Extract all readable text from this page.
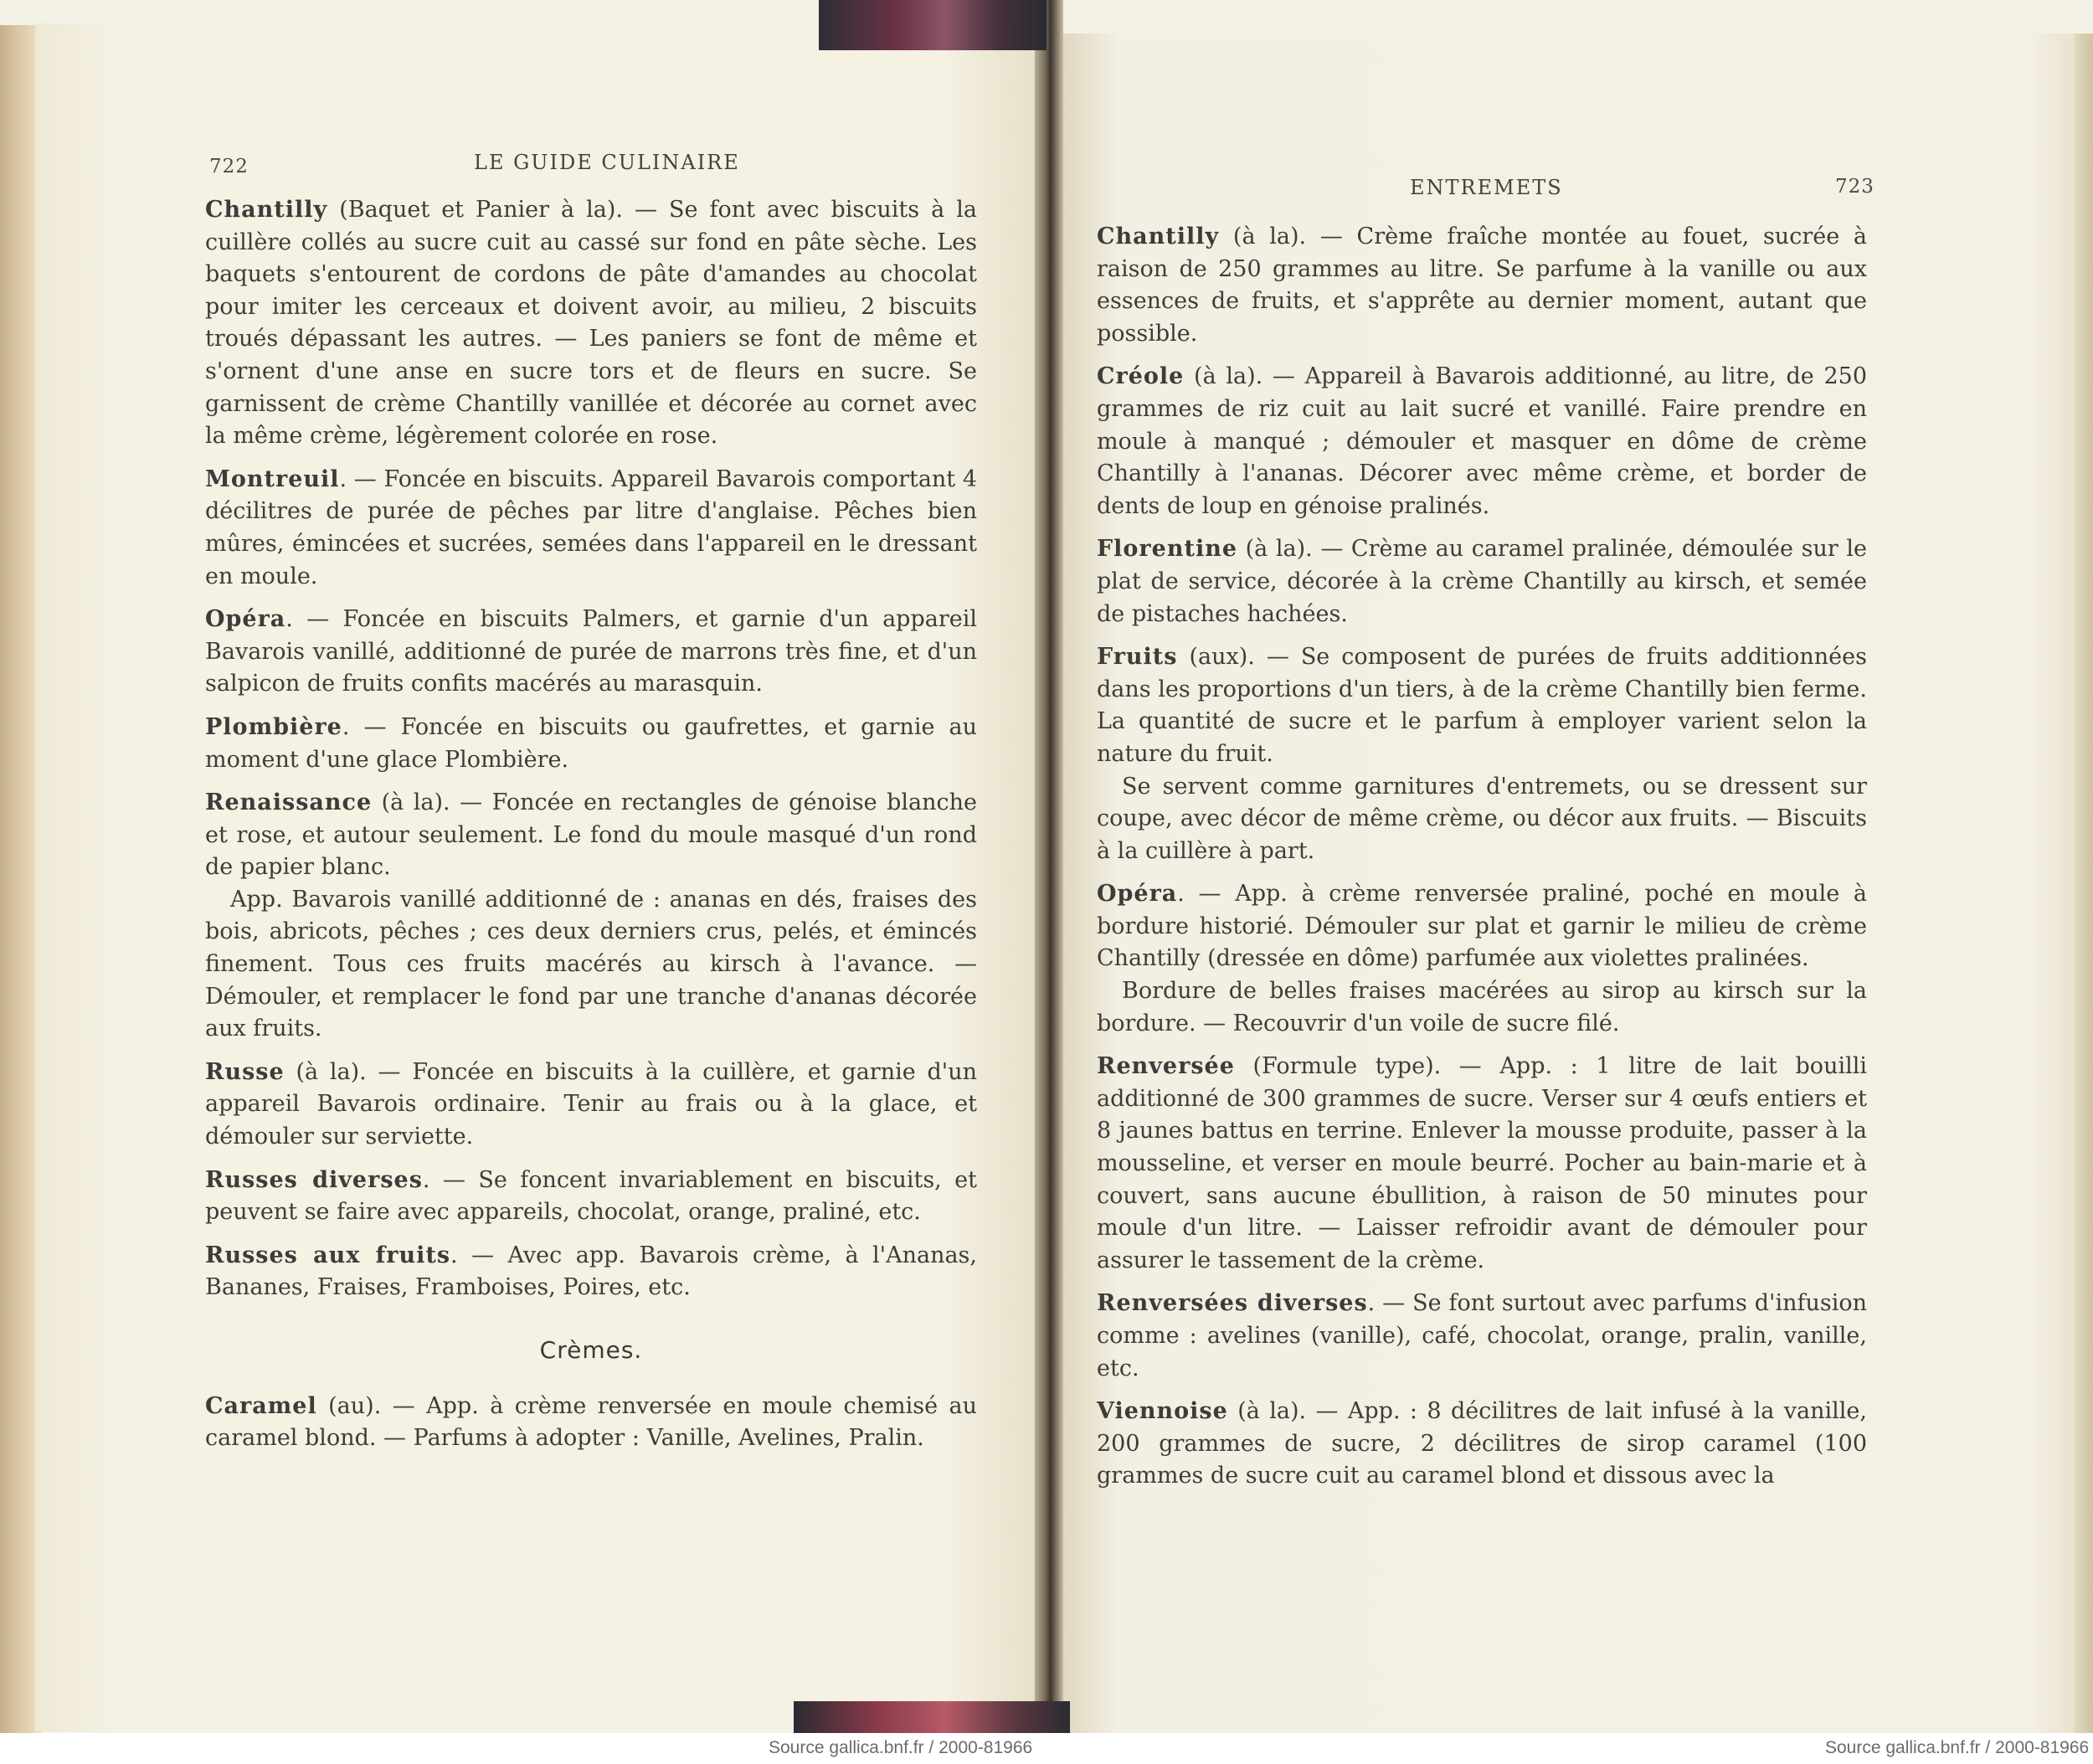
722	LE GUIDE CULINAIRE
ENTREMETS	723

Chantilly (Baquet et Panier à la). — Se font avec biscuits à la cuillère collés au sucre cuit au cassé sur fond en pâte sèche. Les baquets s'entourent de cordons de pâte d'amandes au chocolat pour imiter les cerceaux et doivent avoir, au milieu, 2 biscuits troués dépassant les autres. — Les paniers se font de même et s'ornent d'une anse en sucre tors et de fleurs en sucre. Se garnissent de crème Chantilly vanillée et décorée au cornet avec la même crème, légèrement colorée en rose.

Montreuil. — Foncée en biscuits. Appareil Bavarois comportant 4 décilitres de purée de pêches par litre d'anglaise. Pêches bien mûres, émincées et sucrées, semées dans l'appareil en le dressant en moule.

Opéra. — Foncée en biscuits Palmers, et garnie d'un appareil Bavarois vanillé, additionné de purée de marrons très fine, et d'un salpicon de fruits confits macérés au marasquin.

Plombière. — Foncée en biscuits ou gaufrettes, et garnie au moment d'une glace Plombière.

Renaissance (à la). — Foncée en rectangles de génoise blanche et rose, et autour seulement. Le fond du moule masqué d'un rond de papier blanc.

App. Bavarois vanillé additionné de : ananas en dés, fraises des bois, abricots, pêches ; ces deux derniers crus, pelés, et émincés finement. Tous ces fruits macérés au kirsch à l'avance. — Démouler, et remplacer le fond par une tranche d'ananas décorée aux fruits.

Russe (à la). — Foncée en biscuits à la cuillère, et garnie d'un appareil Bavarois ordinaire. Tenir au frais ou à la glace, et démouler sur serviette.

Russes diverses. — Se foncent invariablement en biscuits, et peuvent se faire avec appareils, chocolat, orange, praliné, etc.

Russes aux fruits. — Avec app. Bavarois crème, à l'Ananas, Bananes, Fraises, Framboises, Poires, etc.

Crèmes.

Caramel (au). — App. à crème renversée en moule chemisé au caramel blond. — Parfums à adopter : Vanille, Avelines, Pralin.

Chantilly (à la). — Crème fraîche montée au fouet, sucrée à raison de 250 grammes au litre. Se parfume à la vanille ou aux essences de fruits, et s'apprête au dernier moment, autant que possible.

Créole (à la). — Appareil à Bavarois additionné, au litre, de 250 grammes de riz cuit au lait sucré et vanillé. Faire prendre en moule à manqué ; démouler et masquer en dôme de crème Chantilly à l'ananas. Décorer avec même crème, et border de dents de loup en génoise pralinés.

Florentine (à la). — Crème au caramel pralinée, démoulée sur le plat de service, décorée à la crème Chantilly au kirsch, et semée de pistaches hachées.

Fruits (aux). — Se composent de purées de fruits additionnées dans les proportions d'un tiers, à de la crème Chantilly bien ferme. La quantité de sucre et le parfum à employer varient selon la nature du fruit.

Se servent comme garnitures d'entremets, ou se dressent sur coupe, avec décor de même crème, ou décor aux fruits. — Biscuits à la cuillère à part.

Opéra. — App. à crème renversée praliné, poché en moule à bordure historié. Démouler sur plat et garnir le milieu de crème Chantilly (dressée en dôme) parfumée aux violettes pralinées.

Bordure de belles fraises macérées au sirop au kirsch sur la bordure. — Recouvrir d'un voile de sucre filé.

Renversée (Formule type). — App. : 1 litre de lait bouilli additionné de 300 grammes de sucre. Verser sur 4 œufs entiers et 8 jaunes battus en terrine. Enlever la mousse produite, passer à la mousseline, et verser en moule beurré. Pocher au bain-marie et à couvert, sans aucune ébullition, à raison de 50 minutes pour moule d'un litre. — Laisser refroidir avant de démouler pour assurer le tassement de la crème.

Renversées diverses. — Se font surtout avec parfums d'infusion comme : avelines (vanille), café, chocolat, orange, pralin, vanille, etc.

Viennoise (à la). — App. : 8 décilitres de lait infusé à la vanille, 200 grammes de sucre, 2 décilitres de sirop caramel (100 grammes de sucre cuit au caramel blond et dissous avec la

Source gallica.bnf.fr / 2000-81966	Source gallica.bnf.fr / 2000-81966
